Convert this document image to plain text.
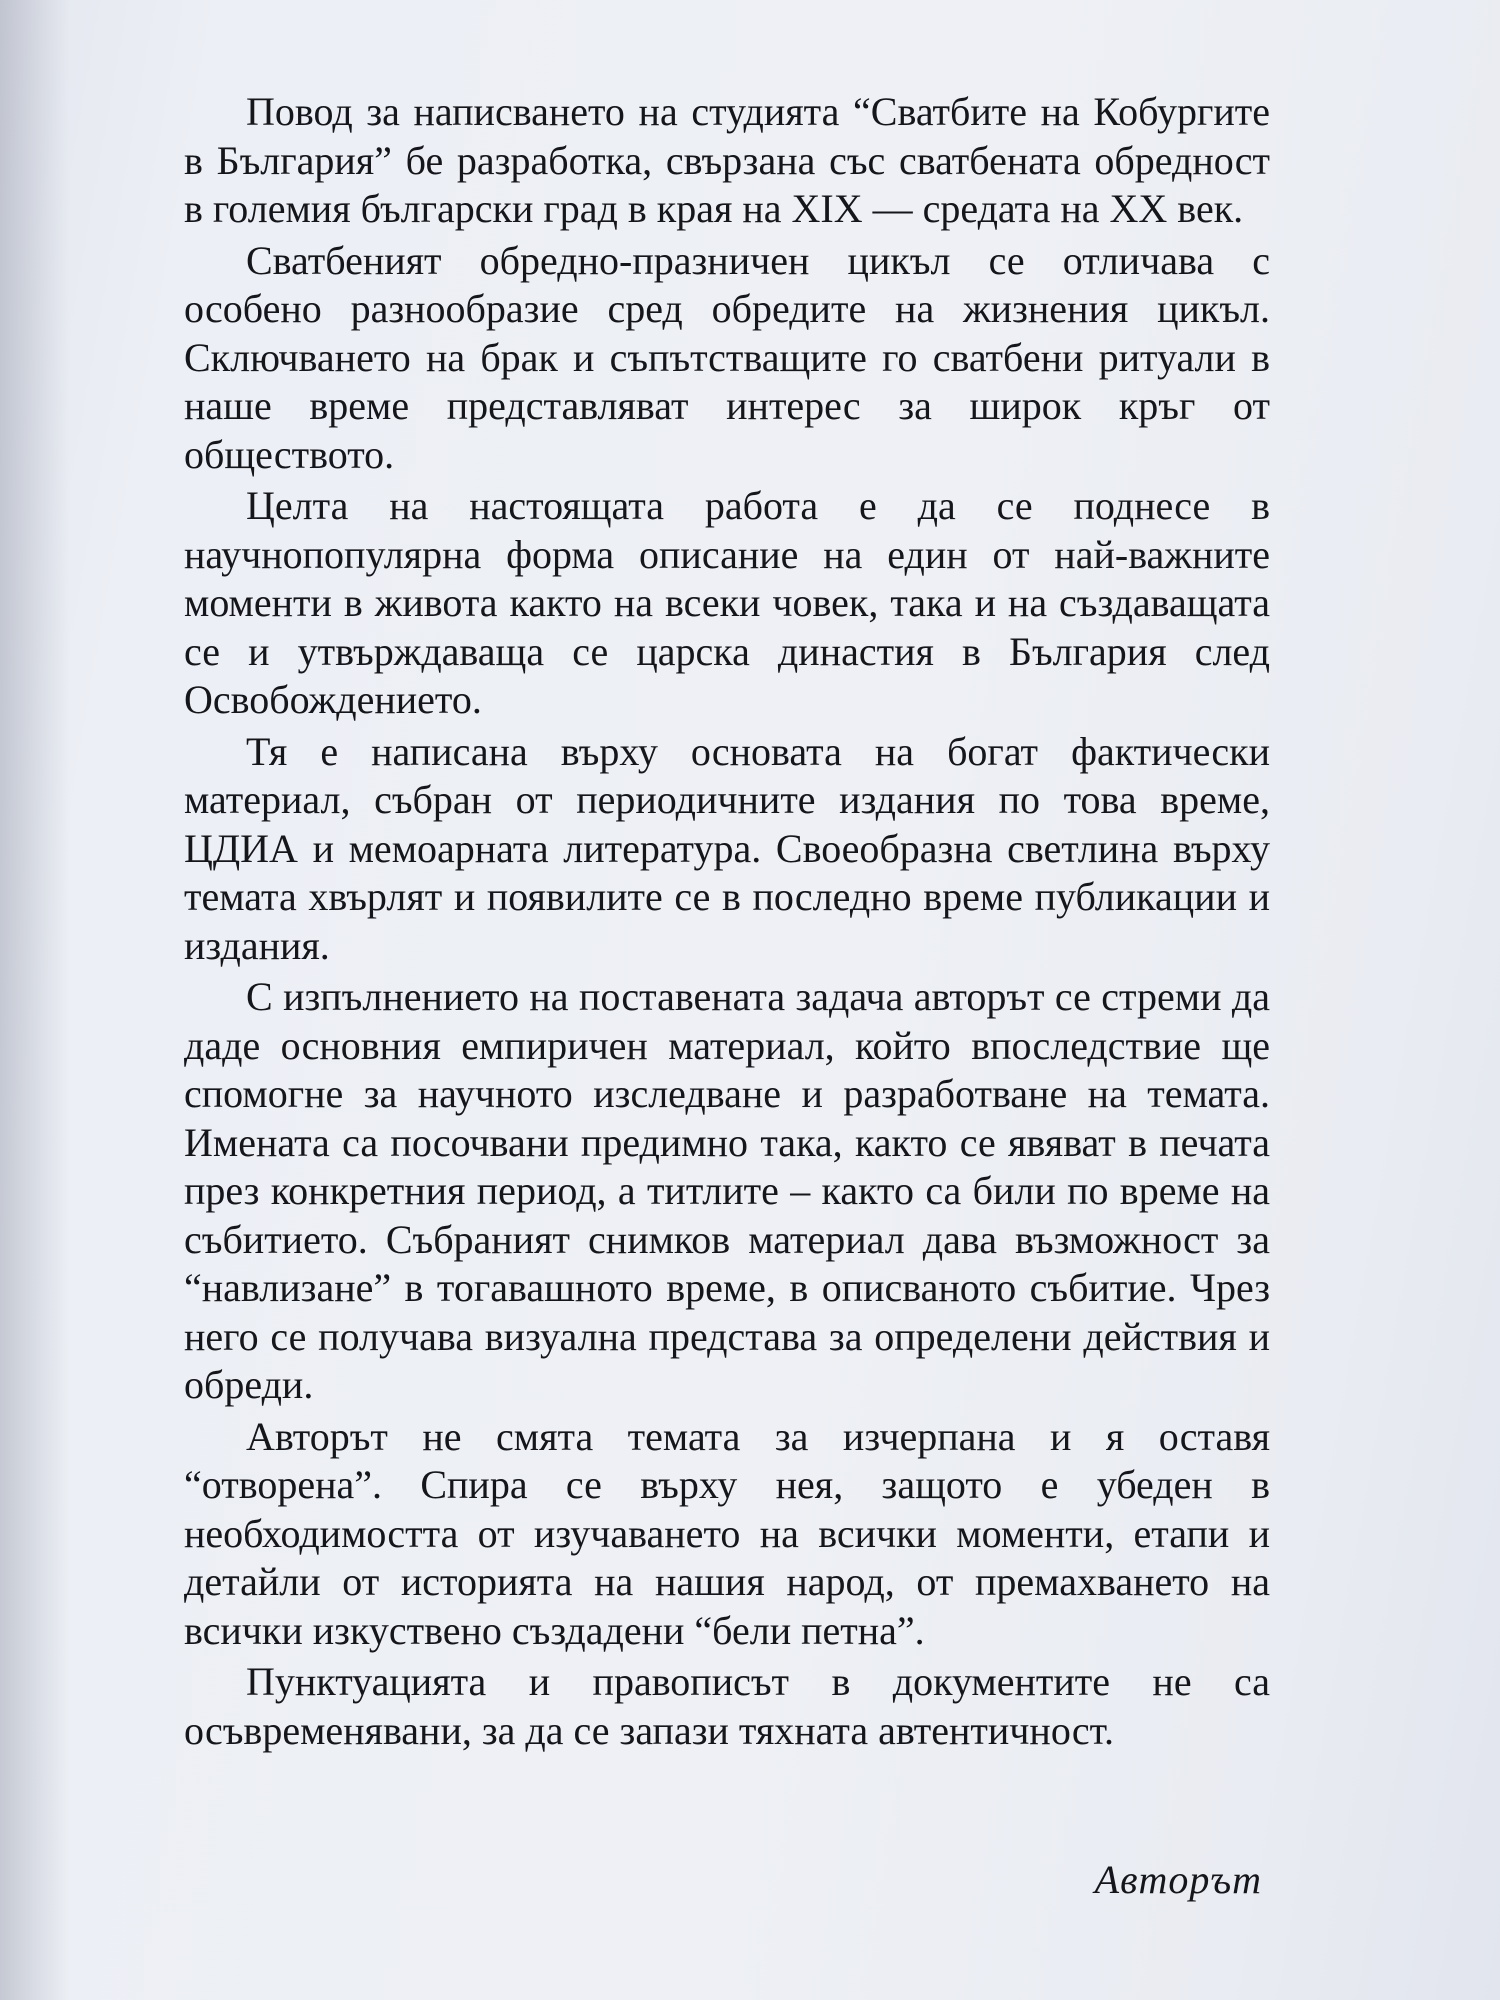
Повод за написването на студията “Сватбите на Кобургите в България” бе разработка, свързана със сватбената обредност в големия български град в края на XIX — средата на XX век.

Сватбеният обредно-празничен цикъл се отличава с особено разнообразие сред обредите на жизнения цикъл. Сключването на брак и съпътстващите го сватбени ритуали в наше време представляват интерес за широк кръг от обществото.

Целта на настоящата работа е да се поднесе в научнопопулярна форма описание на един от най-важните моменти в живота както на всеки човек, така и на създаващата се и утвърждаваща се царска династия в България след Освобождението.

Тя е написана върху основата на богат фактически материал, събран от периодичните издания по това време, ЦДИА и мемоарната литература. Своеобразна светлина върху темата хвърлят и появилите се в последно време публикации и издания.

С изпълнението на поставената задача авторът се стреми да даде основния емпиричен материал, който впоследствие ще спомогне за научното изследване и разработване на темата. Имената са посочвани предимно така, както се явяват в печата през конкретния период, а титлите – както са били по време на събитието. Събраният снимков материал дава възможност за “навлизане” в тогавашното време, в описваното събитие. Чрез него се получава визуална представа за определени действия и обреди.

Авторът не смята темата за изчерпана и я оставя “отворена”. Спира се върху нея, защото е убеден в необходимостта от изучаването на всички моменти, етапи и детайли от историята на нашия народ, от премахването на всички изкуствено създадени “бели петна”.

Пунктуацията и правописът в документите не са осъвременявани, за да се запази тяхната автентичност.

Авторът
